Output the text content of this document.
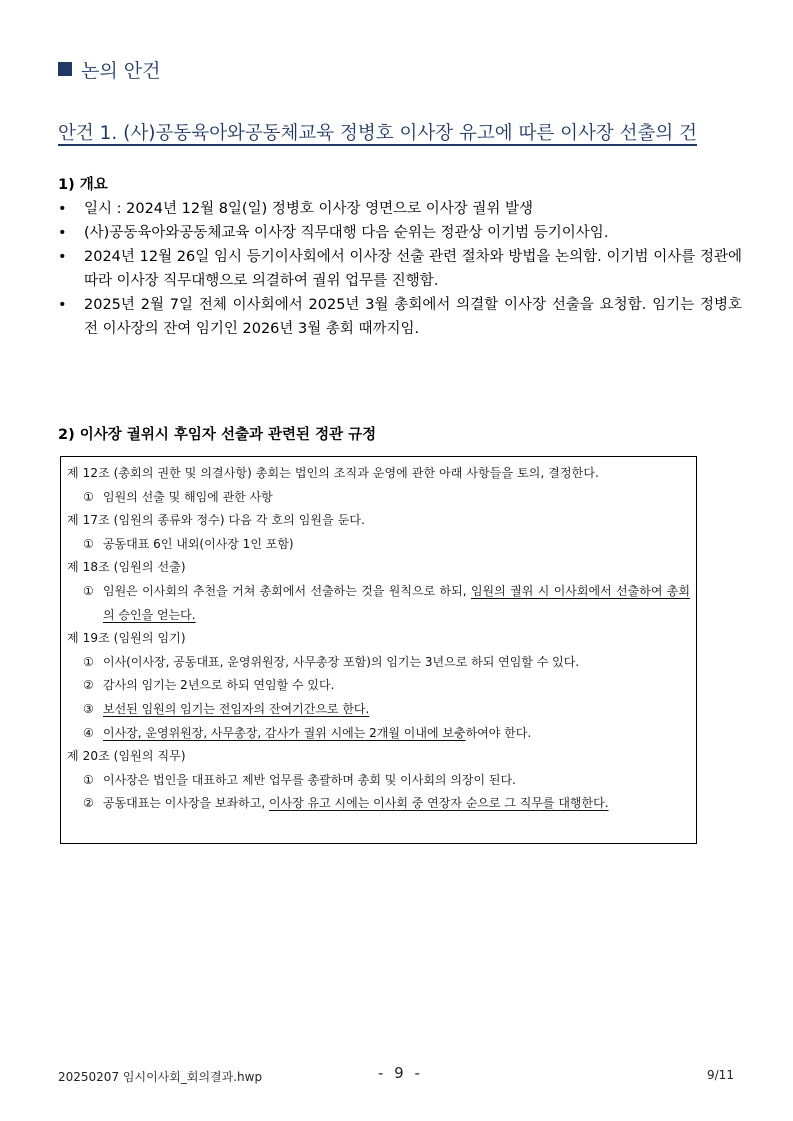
논의 안건
안건 1. (사)공동육아와공동체교육 정병호 이사장 유고에 따른 이사장 선출의 건
1) 개요
• 일시 : 2024년 12월 8일(일) 정병호 이사장 영면으로 이사장 궐위 발생
• (사)공동육아와공동체교육 이사장 직무대행 다음 순위는 정관상 이기범 등기이사임.
• 2024년 12월 26일 임시 등기이사회에서 이사장 선출 관련 절차와 방법을 논의함. 이기범 이사를 정관에 따라 이사장 직무대행으로 의결하여 궐위 업무를 진행함.
• 2025년 2월 7일 전체 이사회에서 2025년 3월 총회에서 의결할 이사장 선출을 요청함. 임기는 정병호 전 이사장의 잔여 임기인 2026년 3월 총회 때까지임.
2) 이사장 궐위시 후임자 선출과 관련된 정관 규정
제 12조 (총회의 권한 및 의결사항) 총회는 법인의 조직과 운영에 관한 아래 사항들을 토의, 결정한다.
① 임원의 선출 및 해임에 관한 사항
제 17조 (임원의 종류와 정수) 다음 각 호의 임원을 둔다.
① 공동대표 6인 내외(이사장 1인 포함)
제 18조 (임원의 선출)
① 임원은 이사회의 추천을 거쳐 총회에서 선출하는 것을 원칙으로 하되, 임원의 궐위 시 이사회에서 선출하여 총회의 승인을 얻는다.
제 19조 (임원의 임기)
① 이사(이사장, 공동대표, 운영위원장, 사무총장 포함)의 임기는 3년으로 하되 연임할 수 있다.
② 감사의 임기는 2년으로 하되 연임할 수 있다.
③ 보선된 임원의 임기는 전임자의 잔여기간으로 한다.
④ 이사장, 운영위원장, 사무총장, 감사가 궐위 시에는 2개월 이내에 보충하여야 한다.
제 20조 (임원의 직무)
① 이사장은 법인을 대표하고 제반 업무를 총괄하며 총회 및 이사회의 의장이 된다.
② 공동대표는 이사장을 보좌하고, 이사장 유고 시에는 이사회 중 연장자 순으로 그 직무를 대행한다.
20250207 임시이사회_회의결과.hwp	- 9 -	9/11
